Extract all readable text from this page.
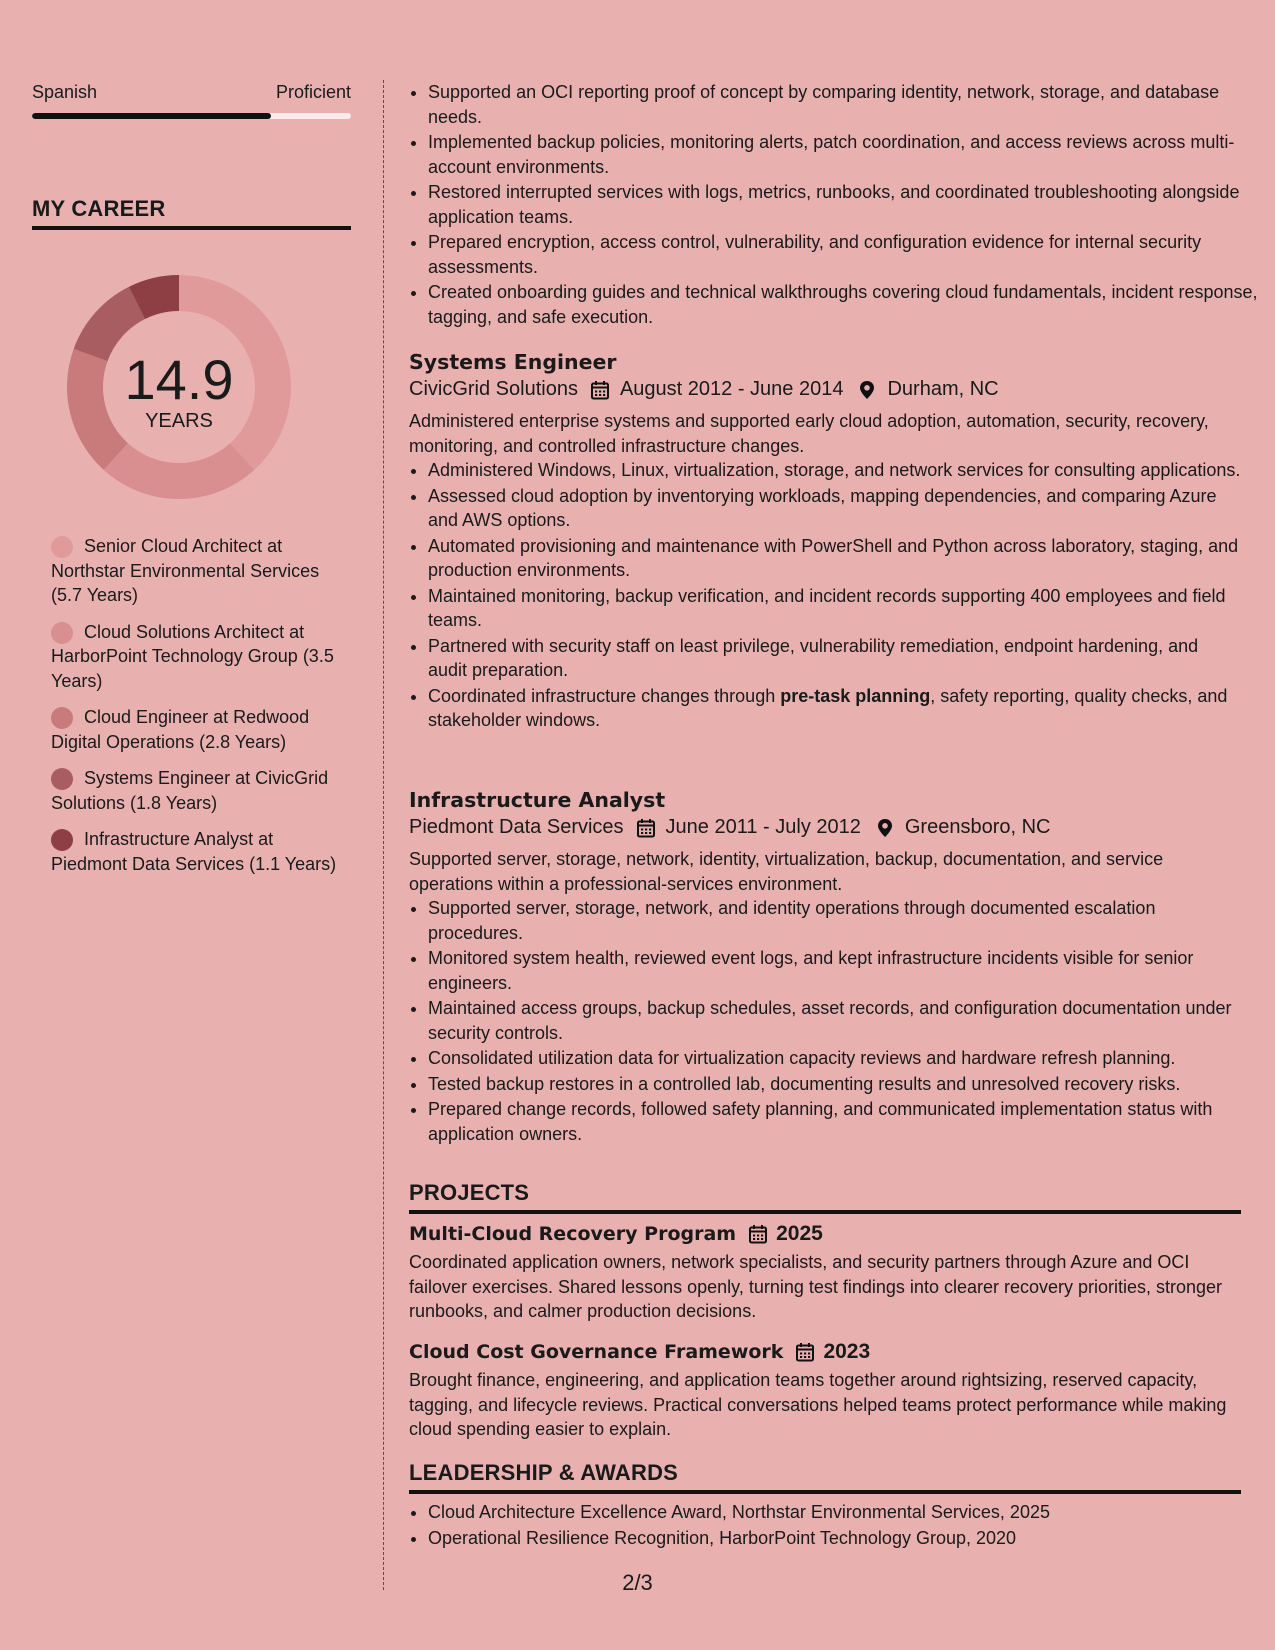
Spanish	Proficient
MY CAREER
14.9
YEARS
Senior Cloud Architect at Northstar Environmental Services (5.7 Years)
Cloud Solutions Architect at HarborPoint Technology Group (3.5 Years)
Cloud Engineer at Redwood Digital Operations (2.8 Years)
Systems Engineer at CivicGrid Solutions (1.8 Years)
Infrastructure Analyst at Piedmont Data Services (1.1 Years)
• Supported an OCI reporting proof of concept by comparing identity, network, storage, and database needs.
• Implemented backup policies, monitoring alerts, patch coordination, and access reviews across multi-account environments.
• Restored interrupted services with logs, metrics, runbooks, and coordinated troubleshooting alongside application teams.
• Prepared encryption, access control, vulnerability, and configuration evidence for internal security assessments.
• Created onboarding guides and technical walkthroughs covering cloud fundamentals, incident response, tagging, and safe execution.
Systems Engineer
CivicGrid Solutions August 2012 - June 2014 Durham, NC

Administered enterprise systems and supported early cloud adoption, automation, security, recovery, monitoring, and controlled infrastructure changes.

• Administered Windows, Linux, virtualization, storage, and network services for consulting applications.
• Assessed cloud adoption by inventorying workloads, mapping dependencies, and comparing Azure and AWS options.
• Automated provisioning and maintenance with PowerShell and Python across laboratory, staging, and production environments.
• Maintained monitoring, backup verification, and incident records supporting 400 employees and field teams.
• Partnered with security staff on least privilege, vulnerability remediation, endpoint hardening, and audit preparation.
• Coordinated infrastructure changes through pre-task planning, safety reporting, quality checks, and stakeholder windows.
Infrastructure Analyst
Piedmont Data Services June 2011 - July 2012 Greensboro, NC

Supported server, storage, network, identity, virtualization, backup, documentation, and service operations within a professional-services environment.

• Supported server, storage, network, and identity operations through documented escalation procedures.
• Monitored system health, reviewed event logs, and kept infrastructure incidents visible for senior engineers.
• Maintained access groups, backup schedules, asset records, and configuration documentation under security controls.
• Consolidated utilization data for virtualization capacity reviews and hardware refresh planning.
• Tested backup restores in a controlled lab, documenting results and unresolved recovery risks.
• Prepared change records, followed safety planning, and communicated implementation status with application owners.
PROJECTS
Multi-Cloud Recovery Program 2025

Coordinated application owners, network specialists, and security partners through Azure and OCI failover exercises. Shared lessons openly, turning test findings into clearer recovery priorities, stronger runbooks, and calmer production decisions.

Cloud Cost Governance Framework 2023

Brought finance, engineering, and application teams together around rightsizing, reserved capacity, tagging, and lifecycle reviews. Practical conversations helped teams protect performance while making cloud spending easier to explain.

LEADERSHIP & AWARDS
• Cloud Architecture Excellence Award, Northstar Environmental Services, 2025
• Operational Resilience Recognition, HarborPoint Technology Group, 2020
2/3
